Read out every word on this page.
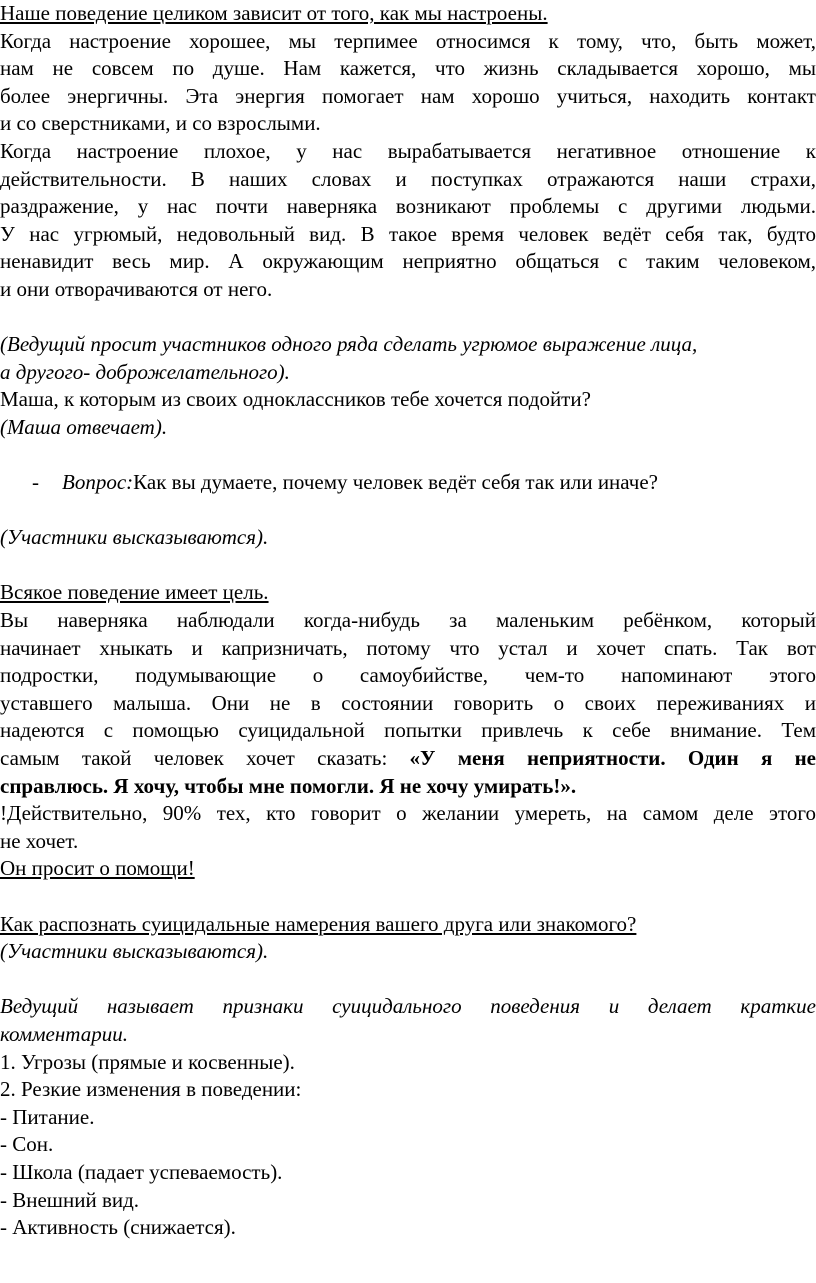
Наше поведение целиком зависит от того, как мы настроены.
Когда настроение хорошее, мы терпимее относимся к тому, что, быть может,
нам не совсем по душе. Нам кажется, что жизнь складывается хорошо, мы
более энергичны. Эта энергия помогает нам хорошо учиться, находить контакт
и со сверстниками, и со взрослыми.
Когда настроение плохое, у нас вырабатывается негативное отношение к
действительности. В наших словах и поступках отражаются наши страхи,
раздражение, у нас почти наверняка возникают проблемы с другими людьми.
У нас угрюмый, недовольный вид. В такое время человек ведёт себя так, будто
ненавидит весь мир. А окружающим неприятно общаться с таким человеком,
и они отворачиваются от него.
(Ведущий просит участников одного ряда сделать угрюмое выражение лица,
а другого- доброжелательного).
Маша, к которым из своих одноклассников тебе хочется подойти?
(Маша отвечает).
- Вопрос:Как вы думаете, почему человек ведёт себя так или иначе?
(Участники высказываются).
Всякое поведение имеет цель.
Вы наверняка наблюдали когда-нибудь за маленьким ребёнком, который
начинает хныкать и капризничать, потому что устал и хочет спать. Так вот
подростки, подумывающие о самоубийстве, чем-то напоминают этого
уставшего малыша. Они не в состоянии говорить о своих переживаниях и
надеются с помощью суицидальной попытки привлечь к себе внимание. Тем
самым такой человек хочет сказать: «У меня неприятности. Один я не
справлюсь. Я хочу, чтобы мне помогли. Я не хочу умирать!».
!Действительно, 90% тех, кто говорит о желании умереть, на самом деле этого
не хочет.
Он просит о помощи!
Как распознать суицидальные намерения вашего друга или знакомого?
(Участники высказываются).
Ведущий называет признаки суицидального поведения и делает краткие
комментарии.
1. Угрозы (прямые и косвенные).
2. Резкие изменения в поведении:
- Питание.
- Сон.
- Школа (падает успеваемость).
- Внешний вид.
- Активность (снижается).
